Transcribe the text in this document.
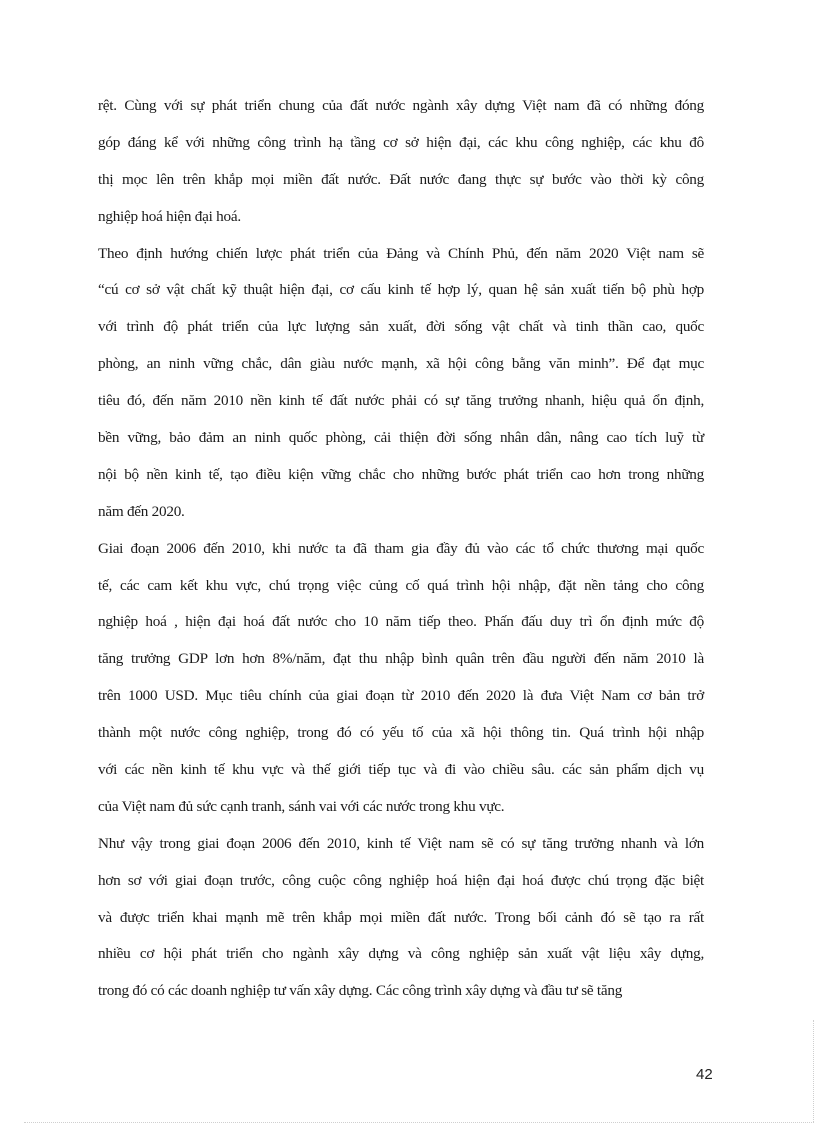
rệt. Cùng với sự phát triển chung của đất nước ngành xây dựng Việt nam đã có những đóng
góp đáng kể với những công trình hạ tầng cơ sở hiện đại, các khu công nghiệp, các khu đô
thị mọc lên trên khắp mọi miền đất nước. Đất nước đang thực sự bước vào thời kỳ công
nghiệp hoá hiện đại hoá.
Theo định hướng chiến lược phát triển của Đảng và Chính Phủ, đến năm 2020 Việt nam sẽ
“cú cơ sở vật chất kỹ thuật hiện đại, cơ cấu kinh tế hợp lý, quan hệ sản xuất tiến bộ phù hợp
với trình độ phát triển của lực lượng sản xuất, đời sống vật chất và tinh thần cao, quốc
phòng, an ninh vững chắc, dân giàu nước mạnh, xã hội công bằng văn minh”. Để đạt mục
tiêu đó, đến năm 2010 nền kinh tế đất nước phải có sự tăng trưởng nhanh, hiệu quả ổn định,
bền vững, bảo đảm an ninh quốc phòng, cải thiện đời sống nhân dân, nâng cao tích luỹ từ
nội bộ nền kinh tế, tạo điều kiện vững chắc cho những bước phát triển cao hơn trong những
năm đến 2020.
Giai đoạn 2006 đến 2010, khi nước ta đã tham gia đầy đủ vào các tổ chức thương mại quốc
tế, các cam kết khu vực, chú trọng việc củng cố quá trình hội nhập, đặt nền tảng cho công
nghiệp hoá , hiện đại hoá đất nước cho 10 năm tiếp theo. Phấn đấu duy trì ổn định mức độ
tăng trưởng GDP lơn hơn 8%/năm, đạt thu nhập bình quân trên đầu người đến năm 2010 là
trên 1000 USD. Mục tiêu chính của giai đoạn từ 2010 đến 2020 là đưa Việt Nam cơ bản trở
thành một nước công nghiệp, trong đó có yếu tố của xã hội thông tin. Quá trình hội nhập
với các nền kinh tế khu vực và thế giới tiếp tục và đi vào chiều sâu. các sản phẩm dịch vụ
của Việt nam đủ sức cạnh tranh, sánh vai với các nước trong khu vực.
Như vậy trong giai đoạn 2006 đến 2010, kinh tế Việt nam sẽ có sự tăng trưởng nhanh và lớn
hơn sơ với giai đoạn trước, công cuộc công nghiệp hoá hiện đại hoá được chú trọng đặc biệt
và được triển khai mạnh mẽ trên khắp mọi miền đất nước. Trong bối cảnh đó sẽ tạo ra rất
nhiều cơ hội phát triển cho ngành xây dựng và công nghiệp sản xuất vật liệu xây dựng,
trong đó có các doanh nghiệp tư vấn xây dựng. Các công trình xây dựng và đầu tư sẽ tăng
42
